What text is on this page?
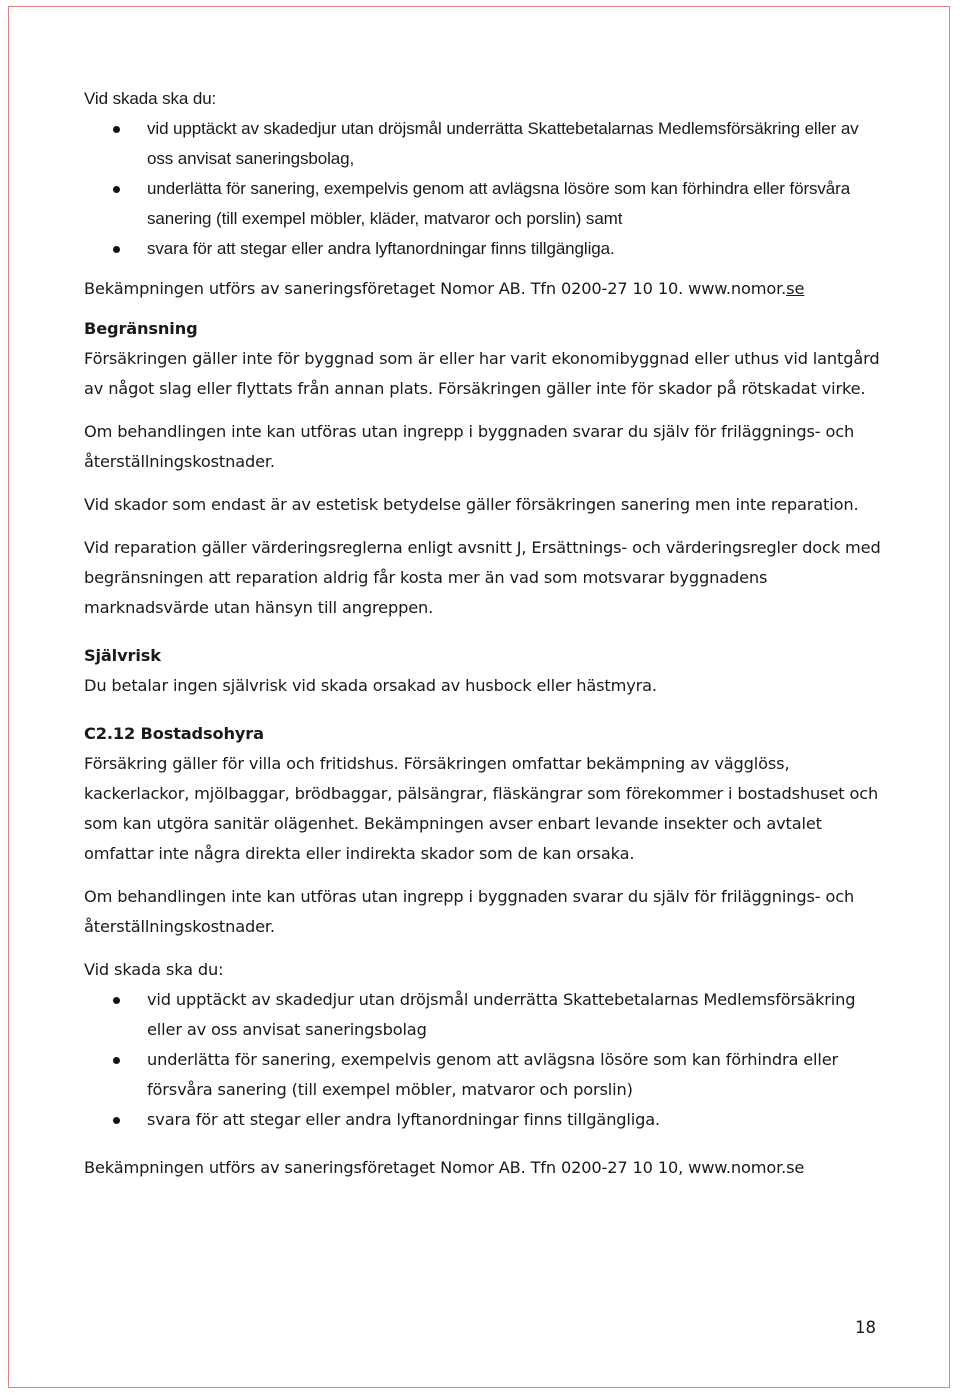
Vid skada ska du:

vid upptäckt av skadedjur utan dröjsmål underrätta Skattebetalarnas Medlemsförsäkring eller av oss anvisat saneringsbolag,
underlätta för sanering, exempelvis genom att avlägsna lösöre som kan förhindra eller försvåra sanering (till exempel möbler, kläder, matvaror och porslin) samt
svara för att stegar eller andra lyftanordningar finns tillgängliga.

Bekämpningen utförs av saneringsföretaget Nomor AB. Tfn 0200-27 10 10. www.nomor.se

Begränsning

Försäkringen gäller inte för byggnad som är eller har varit ekonomibyggnad eller uthus vid lantgård av något slag eller flyttats från annan plats. Försäkringen gäller inte för skador på rötskadat virke.

Om behandlingen inte kan utföras utan ingrepp i byggnaden svarar du själv för friläggnings- och återställningskostnader.

Vid skador som endast är av estetisk betydelse gäller försäkringen sanering men inte reparation.

Vid reparation gäller värderingsreglerna enligt avsnitt J, Ersättnings- och värderingsregler dock med begränsningen att reparation aldrig får kosta mer än vad som motsvarar byggnadens marknadsvärde utan hänsyn till angreppen.

Självrisk

Du betalar ingen självrisk vid skada orsakad av husbock eller hästmyra.

C2.12 Bostadsohyra

Försäkring gäller för villa och fritidshus. Försäkringen omfattar bekämpning av vägglöss, kackerlackor, mjölbaggar, brödbaggar, pälsängrar, fläskängrar som förekommer i bostadshuset och som kan utgöra sanitär olägenhet. Bekämpningen avser enbart levande insekter och avtalet omfattar inte några direkta eller indirekta skador som de kan orsaka.

Om behandlingen inte kan utföras utan ingrepp i byggnaden svarar du själv för friläggnings- och återställningskostnader.

Vid skada ska du:

vid upptäckt av skadedjur utan dröjsmål underrätta Skattebetalarnas Medlemsförsäkring eller av oss anvisat saneringsbolag
underlätta för sanering, exempelvis genom att avlägsna lösöre som kan förhindra eller försvåra sanering (till exempel möbler, matvaror och porslin)
svara för att stegar eller andra lyftanordningar finns tillgängliga.

Bekämpningen utförs av saneringsföretaget Nomor AB. Tfn 0200-27 10 10, www.nomor.se

18
